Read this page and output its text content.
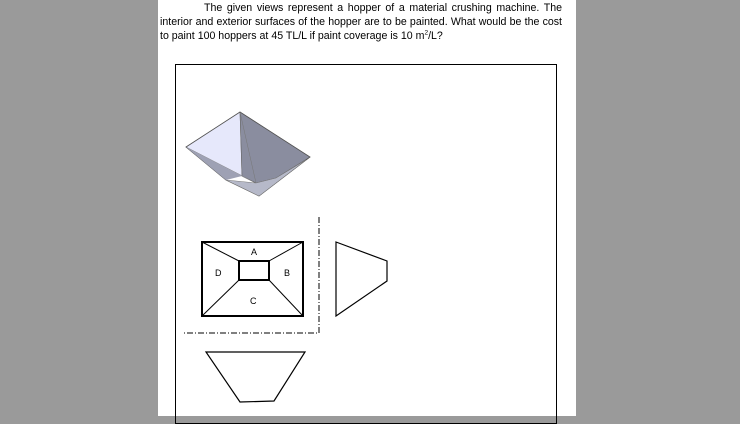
The given views represent a hopper of a material crushing machine. The interior and exterior surfaces of the hopper are to be painted. What would be the cost to paint 100 hoppers at 45 TL/L if paint coverage is 10 $m^2/L$?

A
B
C
D
